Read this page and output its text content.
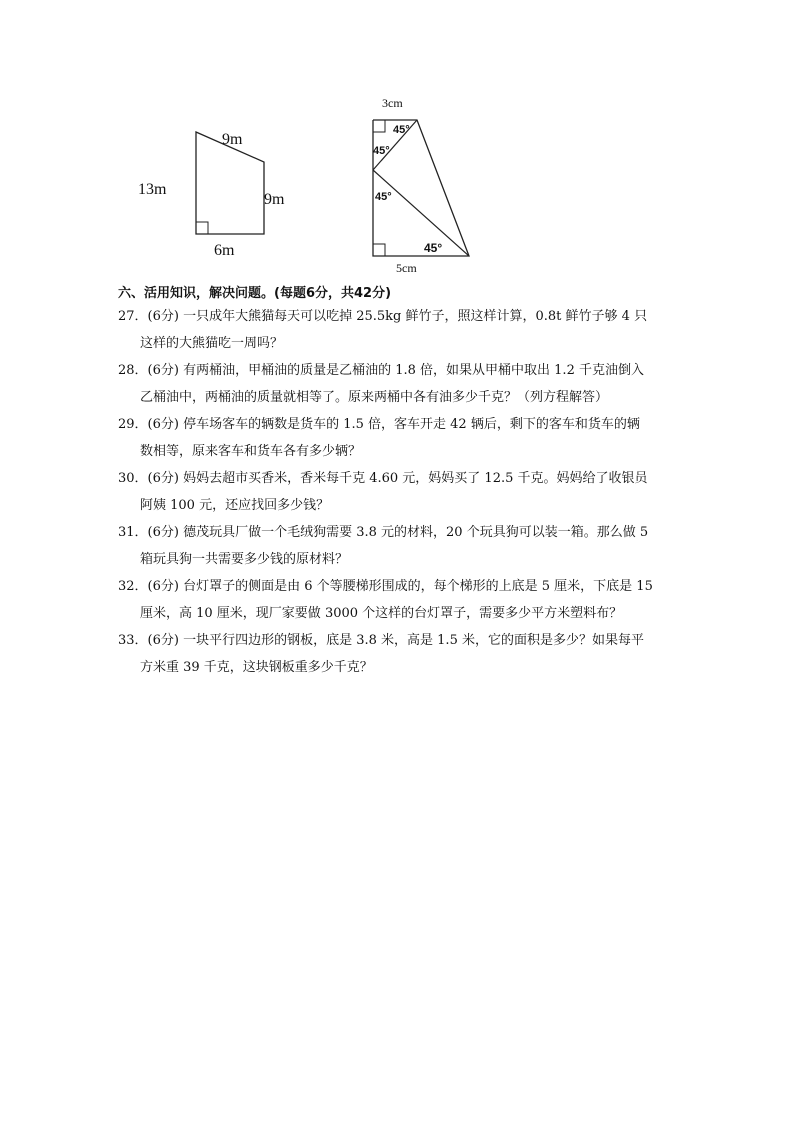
9m
13m
9m
6m
3cm
45°
45°
45°
45°
5cm
六、活用知识，解决问题。(每题6分，共42分)
27．(6分) 一只成年大熊猫每天可以吃掉 25.5kg 鲜竹子，照这样计算，0.8t 鲜竹子够 4 只
这样的大熊猫吃一周吗？
28．(6分) 有两桶油，甲桶油的质量是乙桶油的 1.8 倍，如果从甲桶中取出 1.2 千克油倒入
乙桶油中，两桶油的质量就相等了。原来两桶中各有油多少千克？（列方程解答）
29．(6分) 停车场客车的辆数是货车的 1.5 倍，客车开走 42 辆后，剩下的客车和货车的辆
数相等，原来客车和货车各有多少辆？
30．(6分) 妈妈去超市买香米，香米每千克 4.60 元，妈妈买了 12.5 千克。妈妈给了收银员
阿姨 100 元，还应找回多少钱？
31．(6分) 德茂玩具厂做一个毛绒狗需要 3.8 元的材料，20 个玩具狗可以装一箱。那么做 5
箱玩具狗一共需要多少钱的原材料？
32．(6分) 台灯罩子的侧面是由 6 个等腰梯形围成的，每个梯形的上底是 5 厘米，下底是 15
厘米，高 10 厘米，现厂家要做 3000 个这样的台灯罩子，需要多少平方米塑料布？
33．(6分) 一块平行四边形的钢板，底是 3.8 米，高是 1.5 米，它的面积是多少？如果每平
方米重 39 千克，这块钢板重多少千克？
